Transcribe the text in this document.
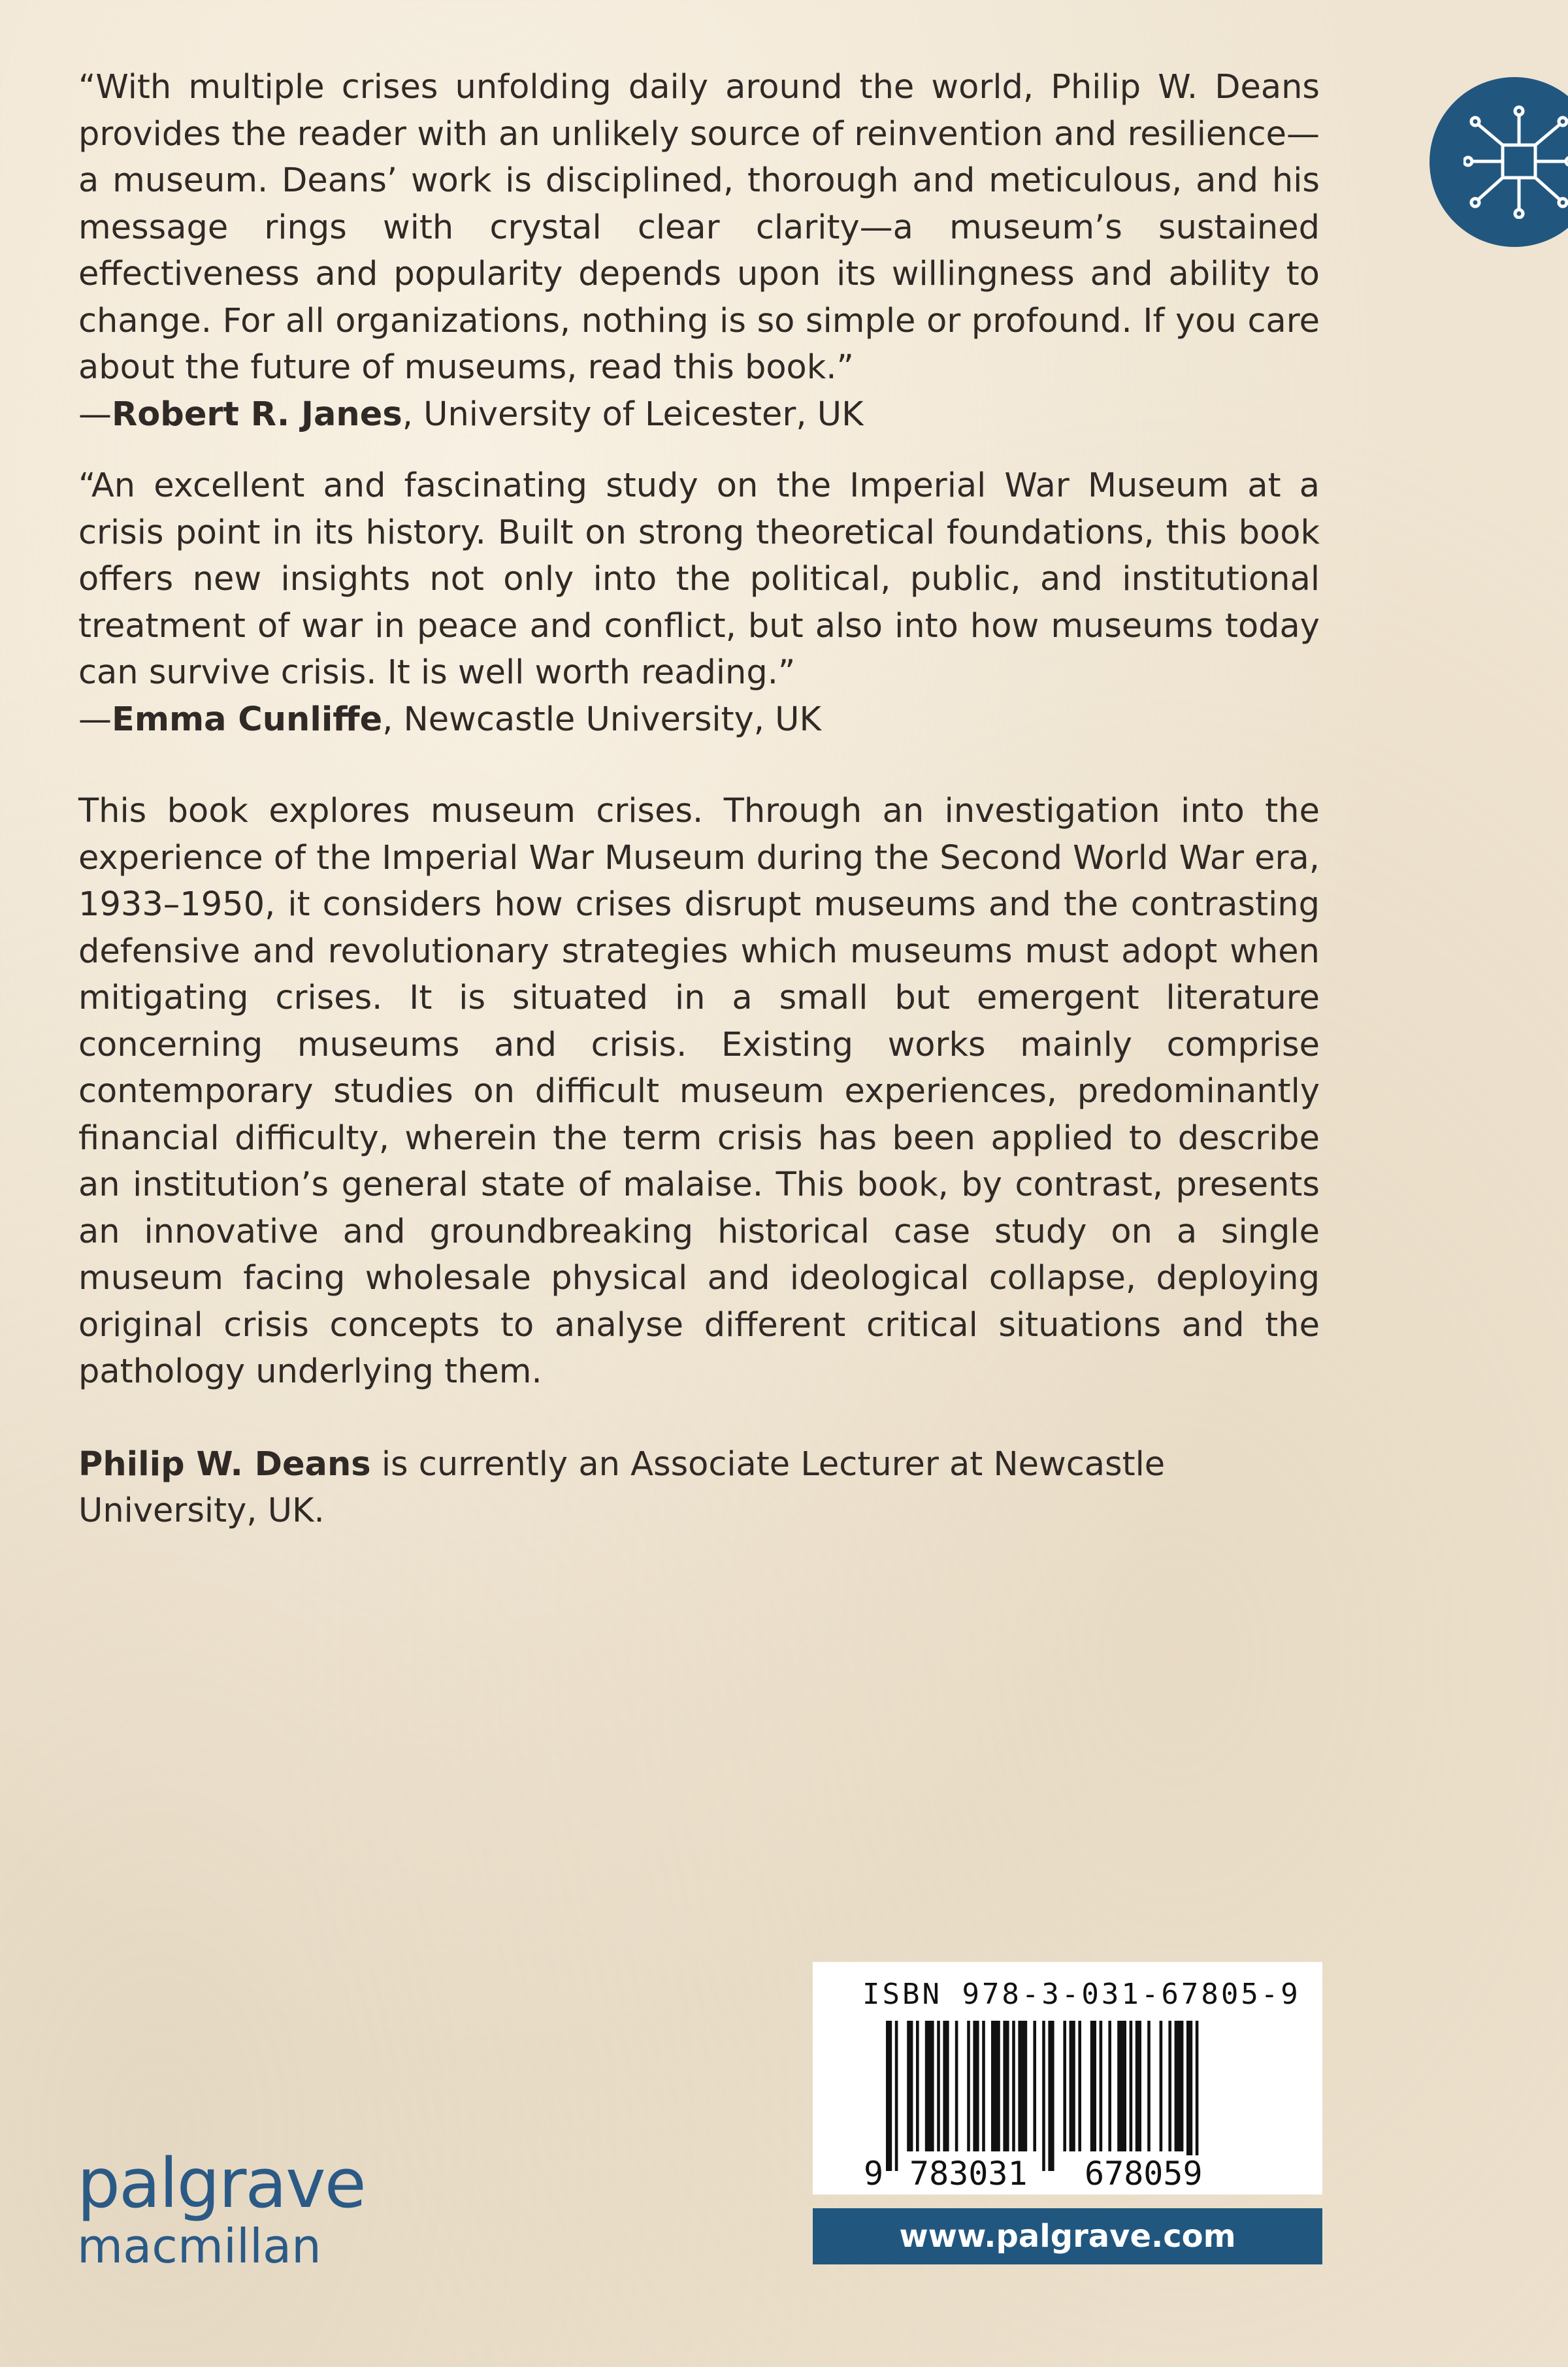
“With multiple crises unfolding daily around the world, Philip W. Deans provides the reader with an unlikely source of reinvention and resilience—a museum. Deans’ work is disciplined, thorough and meticulous, and his message rings with crystal clear clarity—a museum’s sustained effectiveness and popularity depends upon its willingness and ability to change. For all organizations, nothing is so simple or profound. If you care about the future of museums, read this book.”

—Robert R. Janes, University of Leicester, UK

“An excellent and fascinating study on the Imperial War Museum at a crisis point in its history. Built on strong theoretical foundations, this book offers new insights not only into the political, public, and institutional treatment of war in peace and conflict, but also into how museums today can survive crisis. It is well worth reading.”

—Emma Cunliffe, Newcastle University, UK

This book explores museum crises. Through an investigation into the experience of the Imperial War Museum during the Second World War era, 1933–1950, it considers how crises disrupt museums and the contrasting defensive and revolutionary strategies which museums must adopt when mitigating crises. It is situated in a small but emergent literature concerning museums and crisis. Existing works mainly comprise contemporary studies on difficult museum experiences, predominantly financial difficulty, wherein the term crisis has been applied to describe an institution’s general state of malaise. This book, by contrast, presents an innovative and groundbreaking historical case study on a single museum facing wholesale physical and ideological collapse, deploying original crisis concepts to analyse different critical situations and the pathology underlying them.

Philip W. Deans is currently an Associate Lecturer at Newcastle University, UK.

palgrave
macmillan
ISBN 978-3-031-67805-9
9 783031 678059
www.palgrave.com
